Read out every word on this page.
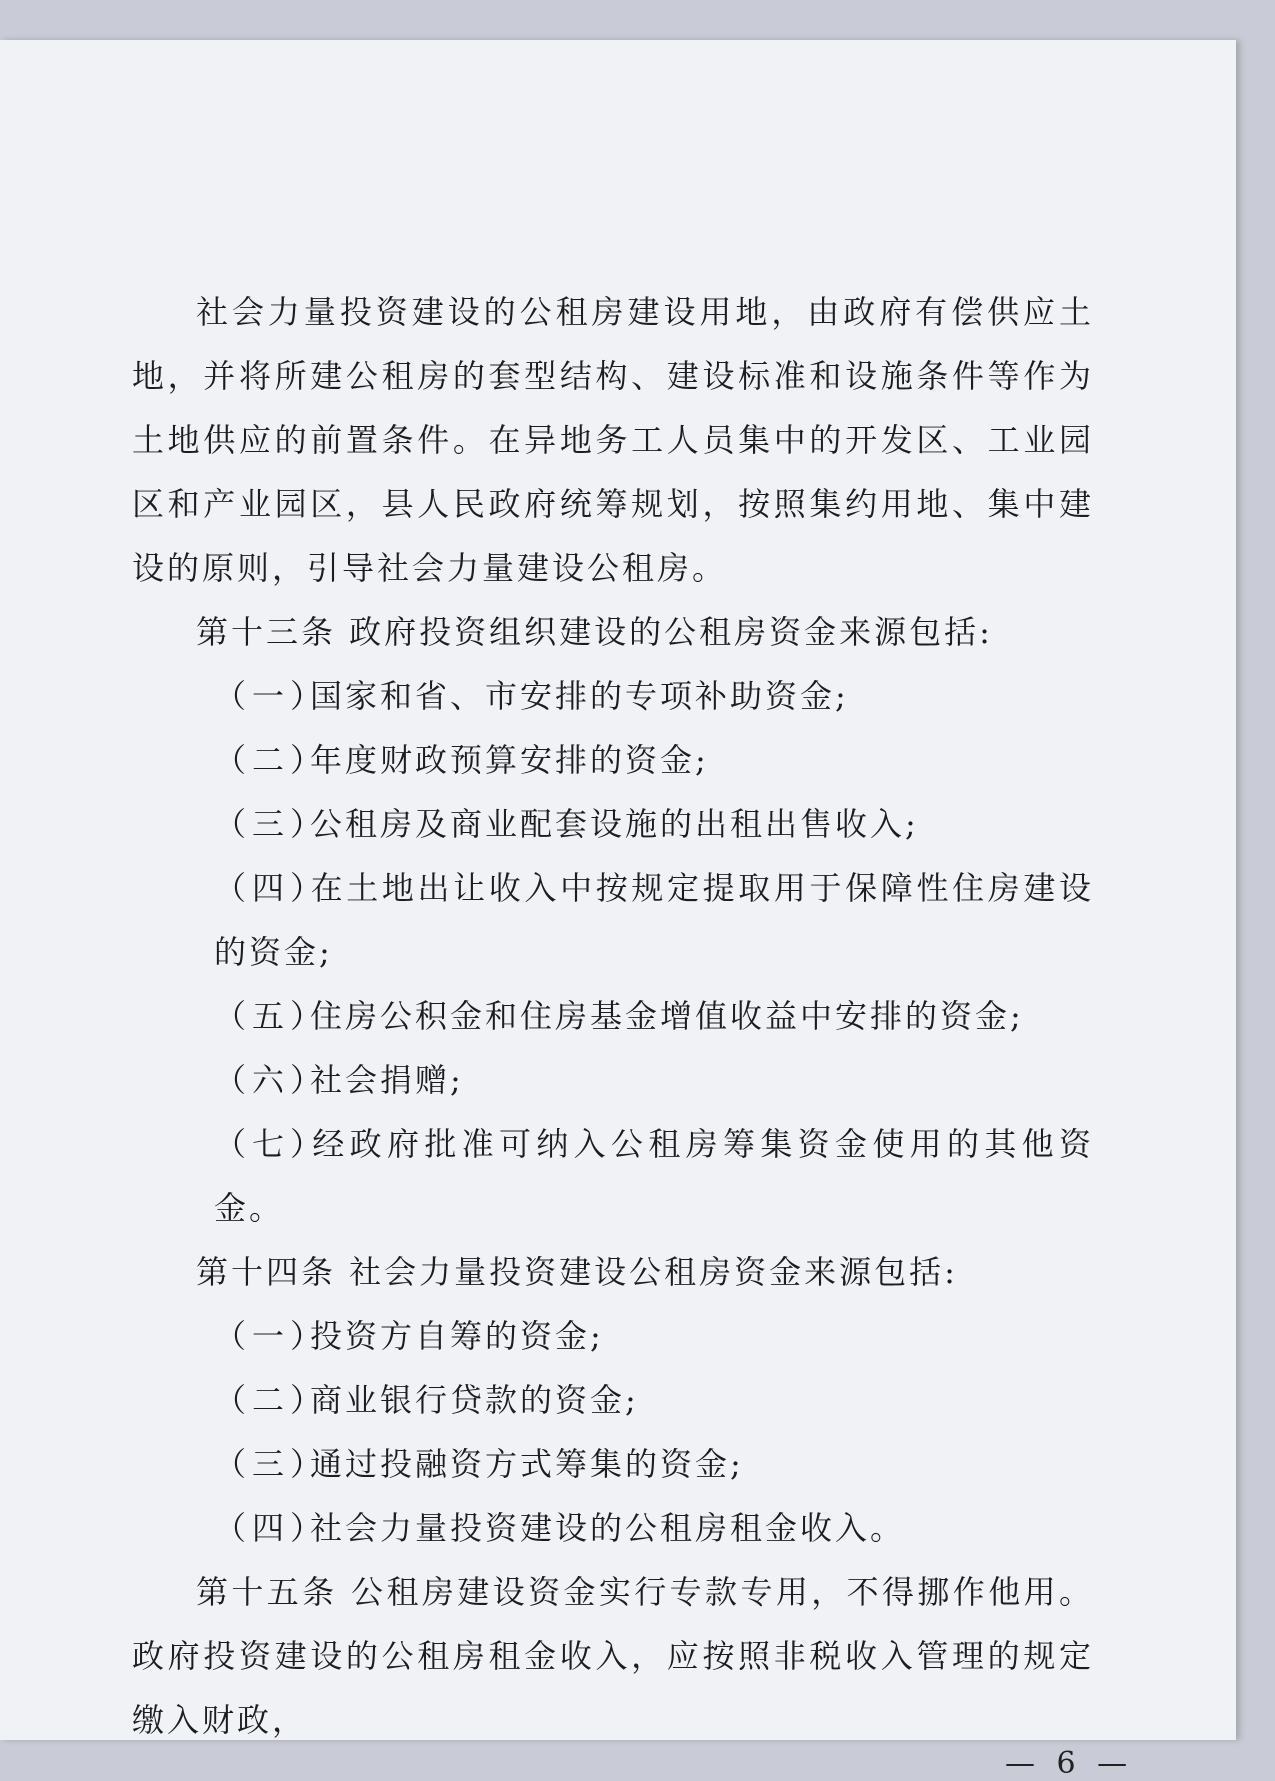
社会力量投资建设的公租房建设用地，由政府有偿供应土地，并将所建公租房的套型结构、建设标准和设施条件等作为土地供应的前置条件。在异地务工人员集中的开发区、工业园区和产业园区，县人民政府统筹规划，按照集约用地、集中建设的原则，引导社会力量建设公租房。

第十三条 政府投资组织建设的公租房资金来源包括:

（一）国家和省、市安排的专项补助资金;

（二）年度财政预算安排的资金;

（三）公租房及商业配套设施的出租出售收入;

（四）在土地出让收入中按规定提取用于保障性住房建设的资金;

（五）住房公积金和住房基金增值收益中安排的资金;

（六）社会捐赠;

（七）经政府批准可纳入公租房筹集资金使用的其他资金。

第十四条 社会力量投资建设公租房资金来源包括:

（一）投资方自筹的资金;

（二）商业银行贷款的资金;

（三）通过投融资方式筹集的资金;

（四）社会力量投资建设的公租房租金收入。

第十五条 公租房建设资金实行专款专用，不得挪作他用。政府投资建设的公租房租金收入，应按照非税收入管理的规定缴入财政，

— 6 —
